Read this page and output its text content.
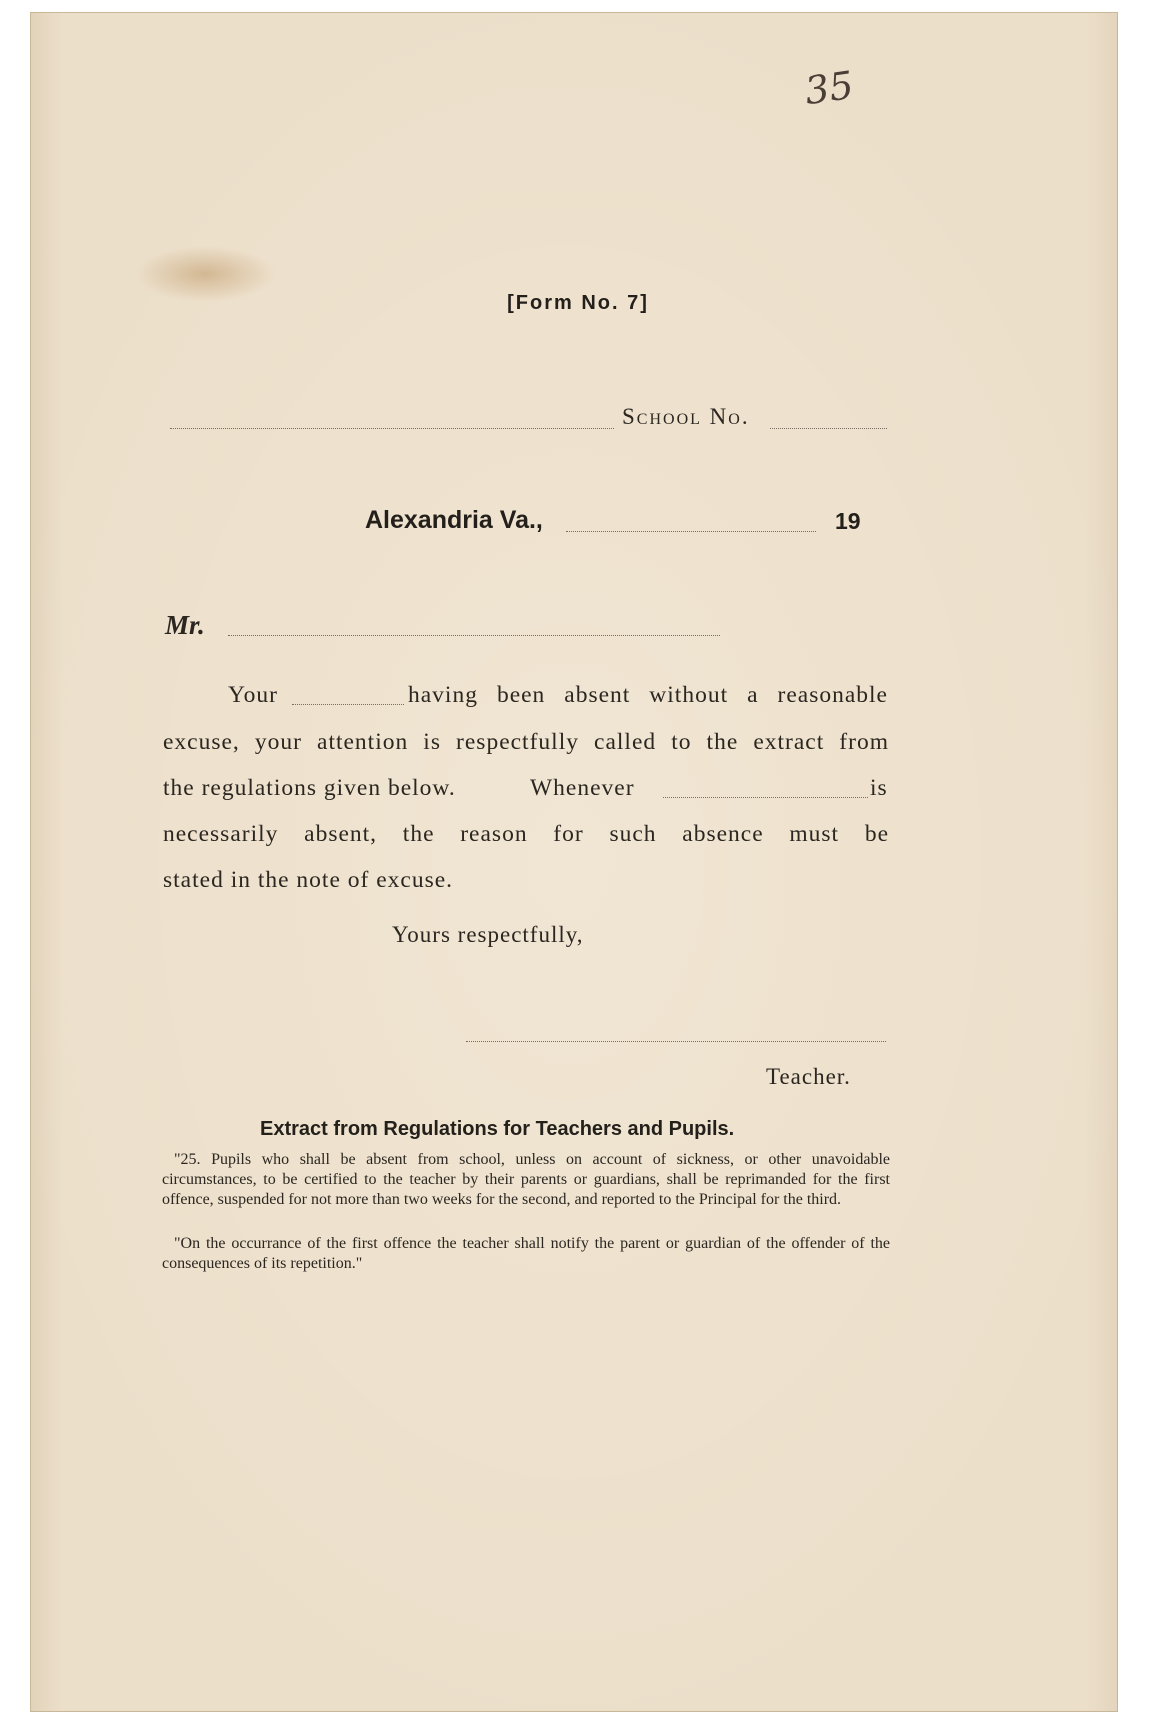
35
[Form No. 7]
School No.
Alexandria Va.,	19
Mr.
Your	having been absent without a reasonable
excuse, your attention is respectfully called to the extract from
the regulations given below.	Whenever	is
necessarily absent, the reason for such absence must be
stated in the note of excuse.
Yours respectfully,
Teacher.
Extract from Regulations for Teachers and Pupils.
"25. Pupils who shall be absent from school, unless on account of sickness, or other unavoidable circumstances, to be certified to the teacher by their parents or guardians, shall be reprimanded for the first offence, suspended for not more than two weeks for the second, and reported to the Principal for the third.
"On the occurrance of the first offence the teacher shall notify the parent or guardian of the offender of the consequences of its repetition."
